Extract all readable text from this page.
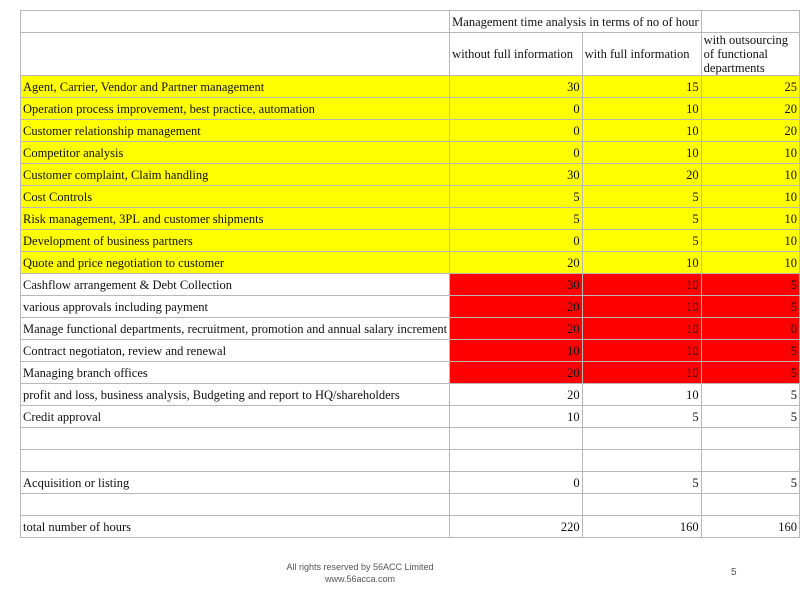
	Management time analysis in terms of no of hour		
	without full information	with full information	with outsourcing of functional departments
Agent, Carrier, Vendor and Partner management	30	15	25
Operation process improvement, best practice, automation	0	10	20
Customer relationship management	0	10	20
Competitor analysis	0	10	10
Customer complaint, Claim handling	30	20	10
Cost Controls	5	5	10
Risk management, 3PL and customer shipments	5	5	10
Development of business partners	0	5	10
Quote and price negotiation to customer	20	10	10
Cashflow arrangement & Debt Collection	30	10	5
various approvals including payment	20	10	5
Manage functional departments, recruitment, promotion and annual salary increment	20	10	0
Contract negotiaton, review and renewal	10	10	5
Managing branch offices	20	10	5
profit and loss, business analysis, Budgeting and report to HQ/shareholders	20	10	5
Credit approval	10	5	5

Acquisition or listing	0	5	5

total number of hours	220	160	160
All rights reserved by 56ACC Limited
www.56acca.com
5
